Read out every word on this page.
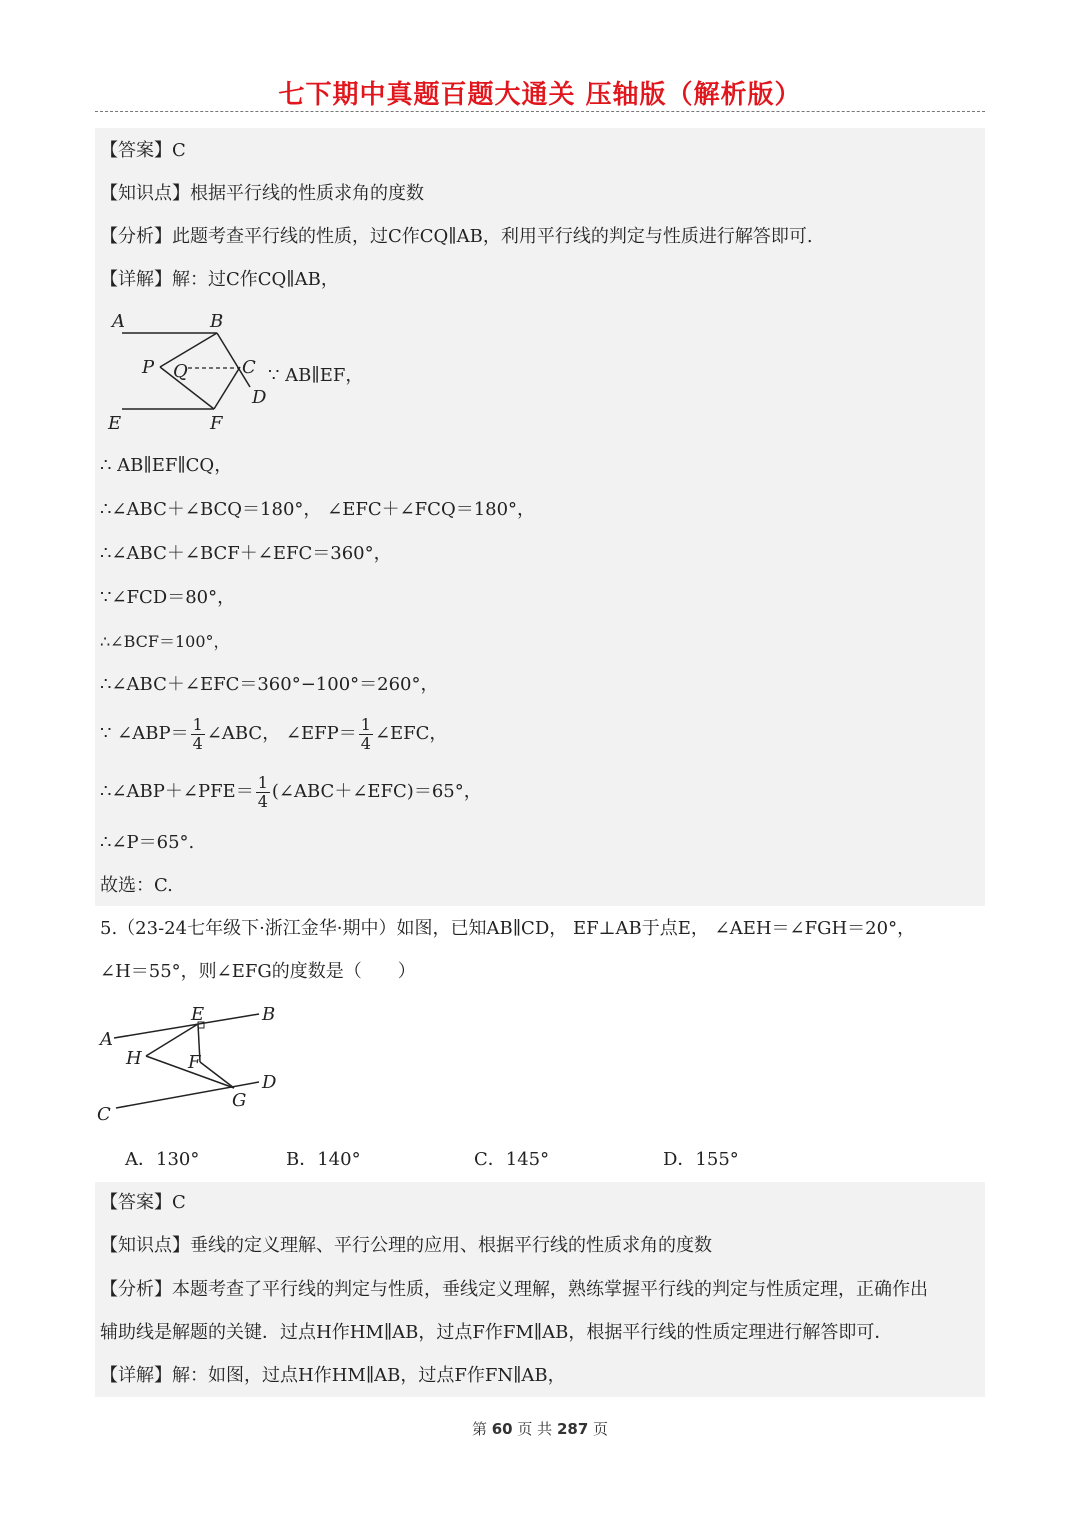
七下期中真题百题大通关 压轴版（解析版）
【答案】C
【知识点】根据平行线的性质求角的度数
【分析】此题考查平行线的性质，过C作CQ∥AB，利用平行线的判定与性质进行解答即可.
【详解】解：过C作CQ∥AB，
A	B
P Q	C
D
E	F
∵ AB∥EF，
∴ AB∥EF∥CQ，
∴∠ABC＋∠BCQ＝180°， ∠EFC＋∠FCQ＝180°，
∴∠ABC＋∠BCF＋∠EFC＝360°，
∵∠FCD＝80°，
∴∠BCF＝100°，
∴∠ABC＋∠EFC＝360°−100°＝260°，
∵ ∠ABP＝ $\frac{1}{4}$ ∠ABC， ∠EFP＝ $\frac{1}{4}$ ∠EFC，
∴∠ABP＋∠PFE＝ $\frac{1}{4}$ (∠ABC＋∠EFC)＝65°，
∴∠P＝65°.
故选：C.
5.（23-24七年级下·浙江金华·期中）如图，已知AB∥CD， EF⊥AB于点E， ∠AEH＝∠FGH＝20°，
∠H＝55°，则∠EFG的度数是（　　）
E	B
A
H	F
D
G
C
A．130°	B．140°	C．145°	D．155°
【答案】C
【知识点】垂线的定义理解、平行公理的应用、根据平行线的性质求角的度数
【分析】本题考查了平行线的判定与性质，垂线定义理解，熟练掌握平行线的判定与性质定理，正确作出
辅助线是解题的关键．过点H作HM∥AB，过点F作FM∥AB，根据平行线的性质定理进行解答即可．
【详解】解：如图，过点H作HM∥AB，过点F作FN∥AB，
第 60 页 共 287 页
